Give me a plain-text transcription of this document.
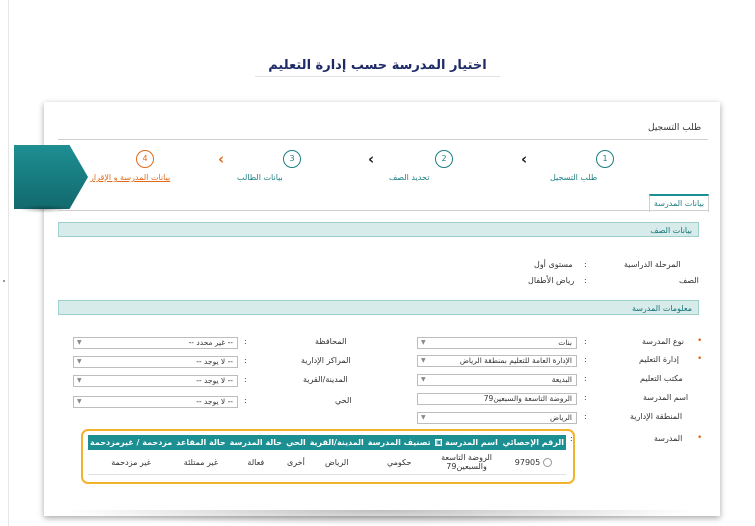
اختيار المدرسة حسب إدارة التعليم
طلب التسجيل
1
طلب التسجيل
‹
2
تحديد الصف
‹
3
بيانات الطالب
‹
4
بيانات المدرسة و الإقرار
بيانات المدرسة
بيانات الصف
المرحلة الدراسية
:
مستوى أول
الصف
:
رياض الأطفال
معلومات المدرسة
•
نوع المدرسة
:
▼	بنات
•
إدارة التعليم
:
▼	الإدارة العامة للتعليم بمنطقة الرياض
مكتب التعليم
:
▼	البديعة
اسم المدرسة
:
الروضة التاسعة والسبعين79
المنطقة الإدارية
:
▼	الرياض
•
المدرسة
:
المحافظة
:
▼	-- غير محدد --
المراكز الإدارية
:
▼	-- لا يوجد --
المدينة/القرية
:
▼	-- لا يوجد --
الحي
:
▼	-- لا يوجد --
الرقم الإحصائي	اسم المدرسة ▣	تصنيف المدرسة	المدينة/القرية	الحي	حالة المدرسة	حالة المقاعد	مزدحمة / غيرمزدحمة
97905	الروضة التاسعة والسبعين79	حكومي	الرياض	أخرى	فعالة	غير ممتلئة	غير مزدحمة
